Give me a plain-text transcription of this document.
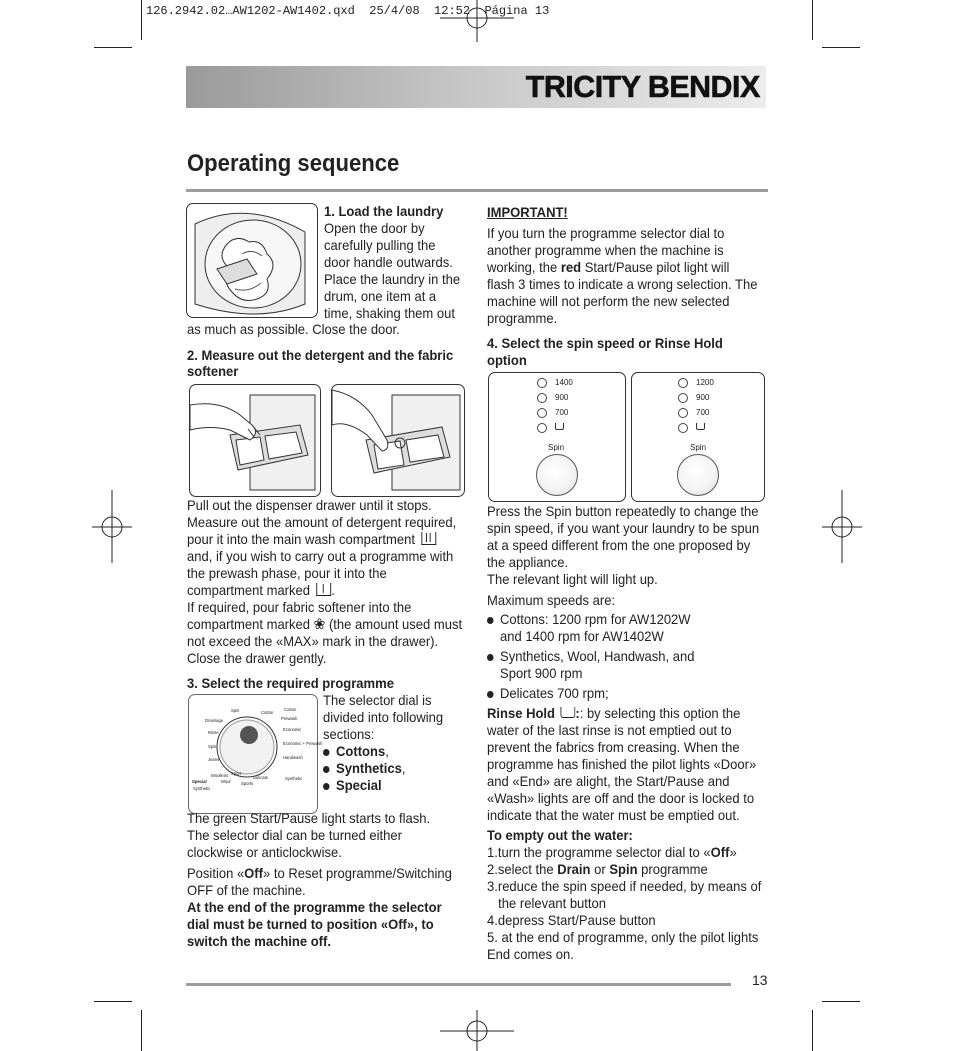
126.2942.02…AW1202-AW1402.qxd  25/4/08  12:52  Página 13
TRICITY BENDIX
Operating sequence
1. Load the laundry
Open the door by
carefully pulling the
door handle outwards.
Place the laundry in the
drum, one item at a
time, shaking them out
as much as possible. Close the door.
2. Measure out the detergent and the fabric
softener
Pull out the dispenser drawer until it stops.
Measure out the amount of detergent required,
pour it into the main wash compartment
and, if you wish to carry out a programme with
the prewash phase, pour it into the
compartment marked .
If required, pour fabric softener into the
compartment marked ❀ (the amount used must
not exceed the «MAX» mark in the drawer).
Close the drawer gently.
3. Select the required programme
Spin	Cotton
Cotton
Drain/age	Prewash
Rinse
Economic
Spin
Economic + Prewash
Jeans	Handwash
Woollens	Delicate
Wool
Synthetic
Sport
Special
Synthetic
Sports
The selector dial is
divided into following
sections:
Cottons,
Synthetics,
Special
The green Start/Pause light starts to flash.
The selector dial can be turned either
clockwise or anticlockwise.
Position «Off» to Reset programme/Switching
OFF of the machine.
At the end of the programme the selector
dial must be turned to position «Off», to
switch the machine off.
IMPORTANT!
If you turn the programme selector dial to
another programme when the machine is
working, the red Start/Pause pilot light will
flash 3 times to indicate a wrong selection. The
machine will not perform the new selected
programme.
4. Select the spin speed or Rinse Hold
option
1400
900
700
Spin
1200
900
700
Spin
Press the Spin button repeatedly to change the
spin speed, if you want your laundry to be spun
at a speed different from the one proposed by
the appliance.
The relevant light will light up.
Maximum speeds are:
Cottons: 1200 rpm for AW1202W
and 1400 rpm for AW1402W
Synthetics, Wool, Handwash, and
Sport 900 rpm
Delicates 700 rpm;
Rinse Hold :: by selecting this option the
water of the last rinse is not emptied out to
prevent the fabrics from creasing. When the
programme has finished the pilot lights «Door»
and «End» are alight, the Start/Pause and
«Wash» lights are off and the door is locked to
indicate that the water must be emptied out.
To empty out the water:
1.turn the programme selector dial to «Off»
2.select the Drain or Spin programme
3.reduce the spin speed if needed, by means of
the relevant button
4.depress Start/Pause button
5. at the end of programme, only the pilot lights
End comes on.
13
